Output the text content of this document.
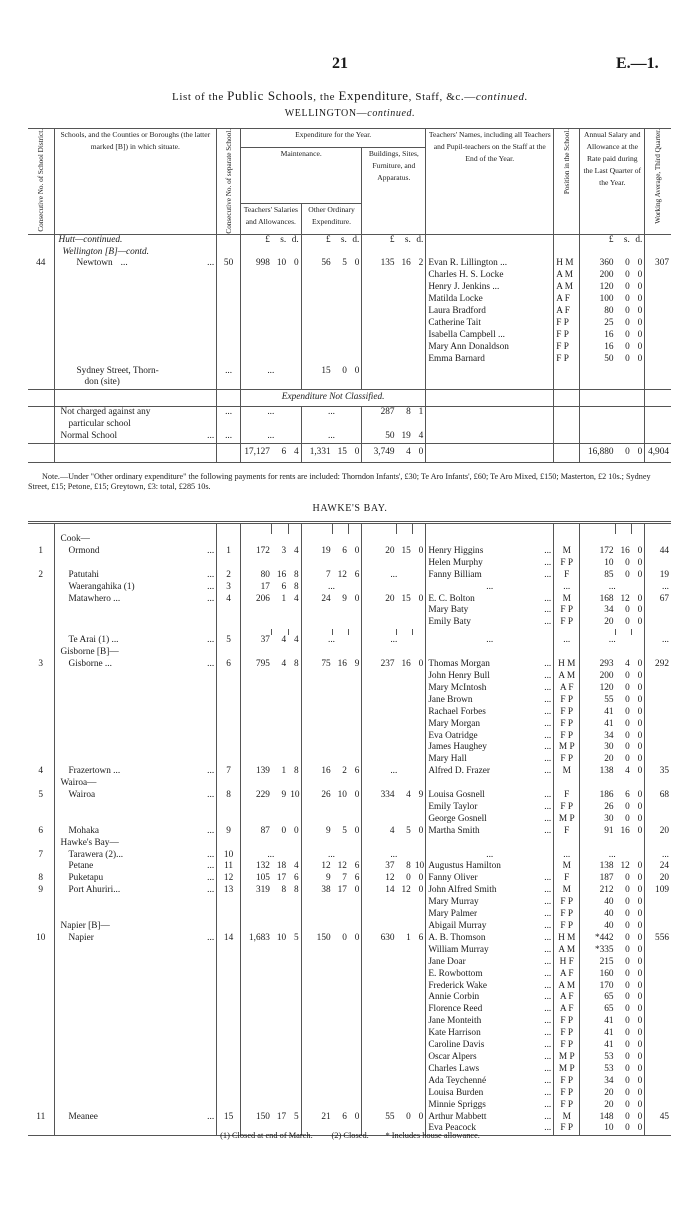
21	E.—1.
List of the Public Schools, the Expenditure, Staff, &c.—continued.
WELLINGTON—continued.
Consecutive No. of School District.	Schools, and the Counties or Boroughs (the latter marked [B]) in which situate.	Consecutive No. of separate School.	Expenditure for the Year.									Teachers' Names, including all Teachers and Pupil-teachers on the Staff at the End of the Year.	Position in the School.	Annual Salary and Allowance at the Rate paid during the Last Quarter of the Year.			Working Average, Third Quarter.

			Maintenance.						Buildings, Sites, Furniture, and Apparatus.								
			Teachers' Salaries and Allowances.			Other Ordinary Expenditure.											
	Hutt—continued.		£	s.	d.	£	s.	d.	£	s.	d.			£	s.	d.	
	Wellington [B]—contd.																
44	Newtown ... ...	50	998	10	0	56	5	0	135	16	2	Evan R. Lillington ...	H M	360	0	0	307
												Charles H. S. Locke	A M	200	0	0	
												Henry J. Jenkins ...	A M	120	0	0	
												Matilda Locke	A F	100	0	0	
												Laura Bradford	A F	80	0	0	
												Catherine Tait	F P	25	0	0	
												Isabella Campbell ...	F P	16	0	0	
												Mary Ann Donaldson	F P	16	0	0	
												Emma Barnard	F P	50	0	0	
	Sydney Street, Thorn-	...	...			15	0	0									
	don (site)																
			Expenditure Not Classified.														
	Not charged against any	...	...			...			287	8	1						
	particular school																
	Normal School ...	...	...			...			50	19	4						
			17,127	6	4	1,331	15	0	3,749	4	0			16,880	0	0	4,904
Note.—Under "Other ordinary expenditure" the following payments for rents are included: Thorndon Infants', £30; Te Aro Infants', £60; Te Aro Mixed, £150; Masterton, £2 10s.; Sydney Street, £15; Petone, £15; Greytown, £3: total, £285 10s.
HAWKE'S BAY.

	Cook—																
1	Ormond ...	1	172	3	4	19	6	0	20	15	0	Henry Higgins ...	M	172	16	0	44
												Helen Murphy ...	F P	10	0	0	
2	Patutahi ...	2	80	16	8	7	12	6	...			Fanny Billiam ...	F	85	0	0	19
	Waerangahika (1) ...	3	17	6	8	...						...	...	...			...
	Matawhero ... ...	4	206	1	4	24	9	0	20	15	0	E. C. Bolton ...	M	168	12	0	67
												Mary Baty ...	F P	34	0	0	
												Emily Baty ...	F P	20	0	0	

	Te Arai (1) ... ...	5	37	4	4	...			...			...	...	...			...
	Gisborne [B]—																
3	Gisborne ... ...	6	795	4	8	75	16	9	237	16	0	Thomas Morgan ...	H M	293	4	0	292
												John Henry Bull ...	A M	200	0	0	
												Mary McIntosh ...	A F	120	0	0	
												Jane Brown ...	F P	55	0	0	
												Rachael Forbes ...	F P	41	0	0	
												Mary Morgan ...	F P	41	0	0	
												Eva Oatridge ...	F P	34	0	0	
												James Haughey ...	M P	30	0	0	
												Mary Hall ...	F P	20	0	0	
4	Frazertown ... ...	7	139	1	8	16	2	6	...			Alfred D. Frazer ...	M	138	4	0	35
	Wairoa—																
5	Wairoa ...	8	229	9	10	26	10	0	334	4	9	Louisa Gosnell ...	F	186	6	0	68
												Emily Taylor ...	F P	26	0	0	
												George Gosnell ...	M P	30	0	0	
6	Mohaka ...	9	87	0	0	9	5	0	4	5	0	Martha Smith ...	F	91	16	0	20
	Hawke's Bay—																
7	Tarawera (2)... ...	10	...			...			...			...	...	...			...
	Petane ...	11	132	18	4	12	12	6	37	8	10	Augustus Hamilton	M	138	12	0	24
8	Puketapu ...	12	105	17	6	9	7	6	12	0	0	Fanny Oliver ...	F	187	0	0	20
9	Port Ahuriri... ...	13	319	8	8	38	17	0	14	12	0	John Alfred Smith ...	M	212	0	0	109
												Mary Murray ...	F P	40	0	0	
												Mary Palmer ...	F P	40	0	0	
	Napier [B]—											Abigail Murray ...	F P	40	0	0	
10	Napier ...	14	1,683	10	5	150	0	0	630	1	6	A. B. Thomson ...	H M	*442	0	0	556
												William Murray ...	A M	*335	0	0	
												Jane Doar ...	H F	215	0	0	
												E. Rowbottom ...	A F	160	0	0	
												Frederick Wake ...	A M	170	0	0	
												Annie Corbin ...	A F	65	0	0	
												Florence Reed ...	A F	65	0	0	
												Jane Monteith ...	F P	41	0	0	
												Kate Harrison ...	F P	41	0	0	
												Caroline Davis ...	F P	41	0	0	
												Oscar Alpers ...	M P	53	0	0	
												Charles Laws ...	M P	53	0	0	
												Ada Teychenné ...	F P	34	0	0	
												Louisa Burden ...	F P	20	0	0	
												Minnie Spriggs ...	F P	20	0	0	
11	Meanee ...	15	150	17	5	21	6	0	55	0	0	Arthur Mabbett ...	M	148	0	0	45
												Eva Peacock ...	F P	10	0	0	

(1) Closed at end of March. (2) Closed. * Includes house allowance.
